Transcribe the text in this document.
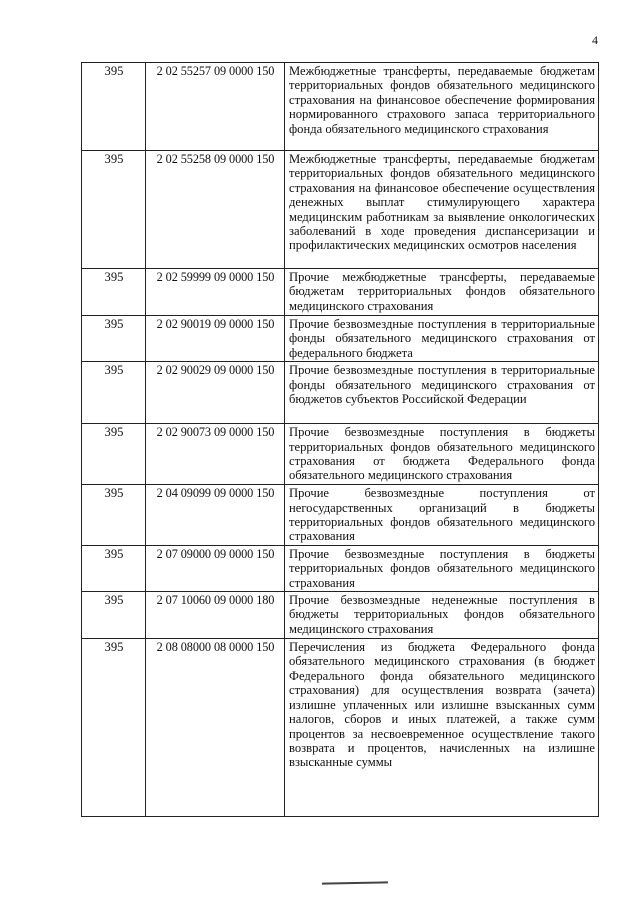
4
395	2 02 55257 09 0000 150	Межбюджетные трансферты, передаваемые бюджетам территориальных фондов обязательного медицинского страхования на финансовое обеспечение формирования нормированного страхового запаса территориального фонда обязательного медицинского страхования
395	2 02 55258 09 0000 150	Межбюджетные трансферты, передаваемые бюджетам территориальных фондов обязательного медицинского страхования на финансовое обеспечение осуществления денежных выплат стимулирующего характера медицинским работникам за выявление онкологических заболеваний в ходе проведения диспансеризации и профилактических медицинских осмотров населения
395	2 02 59999 09 0000 150	Прочие межбюджетные трансферты, передаваемые бюджетам территориальных фондов обязательного медицинского страхования
395	2 02 90019 09 0000 150	Прочие безвозмездные поступления в территориальные фонды обязательного медицинского страхования от федерального бюджета
395	2 02 90029 09 0000 150	Прочие безвозмездные поступления в территориальные фонды обязательного медицинского страхования от бюджетов субъектов Российской Федерации
395	2 02 90073 09 0000 150	Прочие безвозмездные поступления в бюджеты территориальных фондов обязательного медицинского страхования от бюджета Федерального фонда обязательного медицинского страхования
395	2 04 09099 09 0000 150	Прочие безвозмездные поступления от негосударственных организаций в бюджеты территориальных фондов обязательного медицинского страхования
395	2 07 09000 09 0000 150	Прочие безвозмездные поступления в бюджеты территориальных фондов обязательного медицинского страхования
395	2 07 10060 09 0000 180	Прочие безвозмездные неденежные поступления в бюджеты территориальных фондов обязательного медицинского страхования
395	2 08 08000 08 0000 150	Перечисления из бюджета Федерального фонда обязательного медицинского страхования (в бюджет Федерального фонда обязательного медицинского страхования) для осуществления возврата (зачета) излишне уплаченных или излишне взысканных сумм налогов, сборов и иных платежей, а также сумм процентов за несвоевременное осуществление такого возврата и процентов, начисленных на излишне взысканные суммы
